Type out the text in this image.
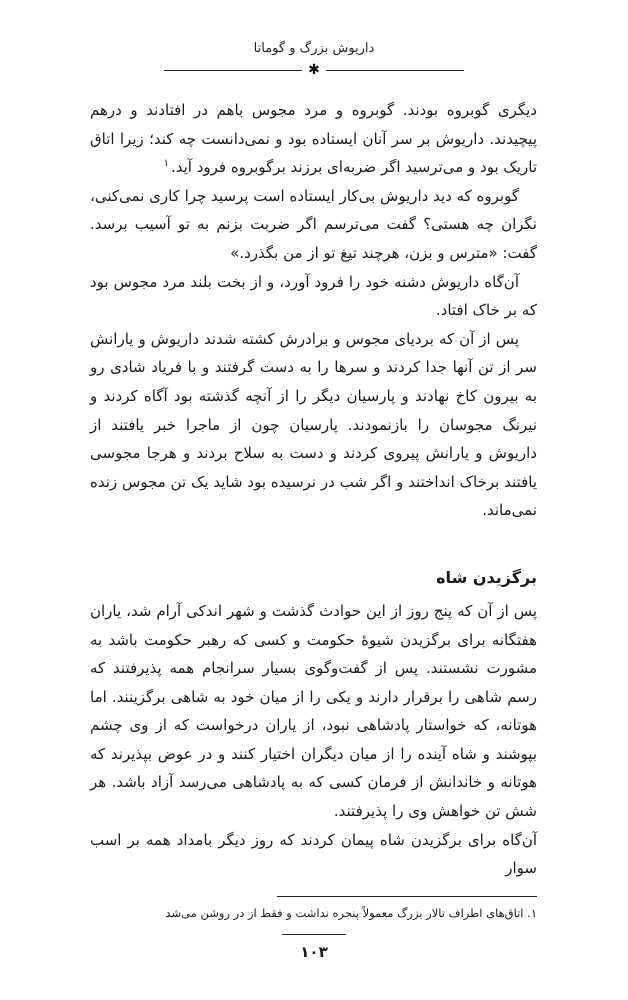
داریوش بزرگ و گوماتا
✱

دیگری گوبروه بودند. گوبروه و مرد مجوس باهم در افتادند و درهم پیچیدند. داریوش بر سر آنان ایستاده بود و نمی‌دانست چه کند؛ زیرا اتاق تاریک بود و می‌ترسید اگر ضربه‌ای برزند برگوبروه فرود آید.$^۱$

گوبروه که دید داریوش بی‌کار ایستاده است پرسید چرا کاری نمی‌کنی، نگران چه هستی؟ گفت می‌ترسم اگر ضربت بزنم به تو آسیب برسد. گفت: «مترس و بزن، هرچند تیغ تو از من بگذرد.»

آن‌گاه داریوش دشنه خود را فرود آورد، و از بخت بلند مرد مجوس بود که بر خاک افتاد.

پس از آن که بردیای مجوس و برادرش کشته شدند داریوش و یارانش سر از تن آنها جدا کردند و سرها را به دست گرفتند و با فریاد شادی رو به بیرون کاخ نهادند و پارسیان دیگر را از آنچه گذشته بود آگاه کردند و نیرنگ مجوسان را بازنمودند. پارسیان چون از ماجرا خبر یافتند از داریوش و یارانش پیروی کردند و دست به سلاح بردند و هرجا مجوسی یافتند برخاک انداختند و اگر شب در نرسیده بود شاید یک تن مجوس زنده نمی‌ماند.

برگزیدن شاه

پس از آن که پنج روز از این حوادث گذشت و شهر اندکی آرام شد، یاران هفتگانه برای برگزیدن شیوهٔ حکومت و کسی که رهبر حکومت باشد به مشورت نشستند. پس از گفت‌وگوی بسیار سرانجام همه پذیرفتند که رسم شاهی را برقرار دارند و یکی را از میان خود به شاهی برگزینند. اما هوتانه، که خواستار پادشاهی نبود، از یاران درخواست که از وی چشم بپوشند و شاه آینده را از میان دیگران اختیار کنند و در عوض بپذیرند که هوتانه و خاندانش از فرمان کسی که به پادشاهی می‌رسد آزاد باشد. هر شش تن خواهش وی را پذیرفتند.

آن‌گاه برای برگزیدن شاه پیمان کردند که روز دیگر بامداد همه بر اسب سوار

۱. اتاق‌های اطراف تالار بزرگ معمولاً پنجره نداشت و فقط از در روشن می‌شد
۱۰۳
